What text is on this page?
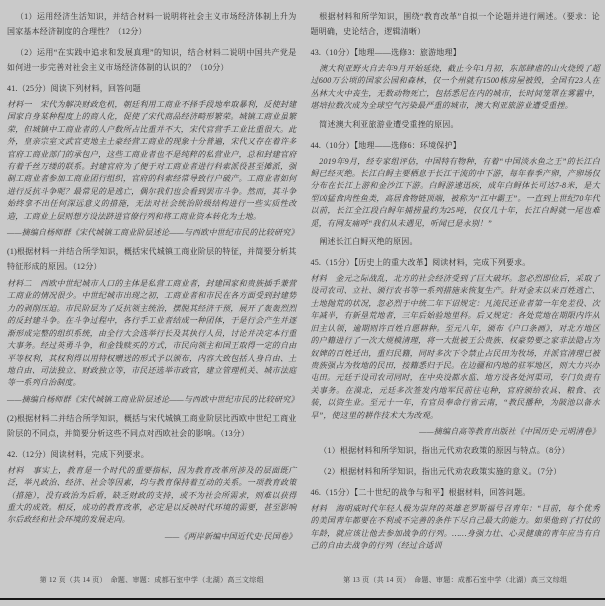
（1）运用经济生活知识，并结合材料一说明将社会主义市场经济体制上升为国家基本经济制度的合理性？（12分）

（2）运用“在实践中追求和发展真理”的知识，结合材料二说明中国共产党是如何进一步完善对社会主义市场经济体制的认识的？（10分）

41.（25分）阅读下列材料，回答问题

材料一　宋代为解决财政危机，朝廷利用工商业不择手段地牟取暴利，反使封建国家自身某种程度上的商人化，促使了宋代商品经济畸形繁荣。城镇工商业虽繁荣，但城镇中工商业者的人户数所占比重并不大，宋代官营手工业比重很大。此外，皇亲宗室文武官吏地主土豪经营工商业的现象十分普遍，宋代又存在着许多官府工商业部门的承包户，这些工商业者也不是纯粹的私营业户，总和封建官府有着千丝万缕的联系。封建官府为了便于对工商业者进行科索派役甚至摊派，强制工商业者参加工商业团行组织，官府的科索经常导致行户破产。工商业者如何进行反抗斗争呢？最常见的是逃亡，偶尔我们也会看到罢市斗争。然而，其斗争始终拿不出任何深远意义的措施，无法对社会统治阶级结构进行一些实质性改造，工商业上层则想方设法跻进官僚行列和将工商业资本转化为土地。

——摘编自杨师群《宋代城镇工商业阶层述论——与西欧中世纪市民的比较研究》

(1)根据材料一并结合所学知识，概括宋代城镇工商业阶层的特征，并简要分析其特征形成的原因。（12分）

材料二　西欧中世纪城市人口的主体是私营工商业者，封建国家和贵族插手兼营工商业的情况很少。中世纪城市出现之初，工商业者和市民在各方面受到封建势力的剥削压迫。市民阶层为了反抗领主统治，摆脱其经济干预，展开了轰轰烈烈的反封建斗争。在斗争过程中，各行手工业者结成一种团体，于是行会产生并逐渐形成完整的组织系统，由全行大会选举行长及其执行人员，讨论并决定本行重大事务。经过英勇斗争，和金钱赎买的方式，市民向领主和国王取得一定的自由平等权利，其权利得以用特权赠送的形式予以颁布，内容大致包括人身自由、土地自由、司法独立、财政独立等，市民还选举市政官，建立管理机关、城市法庭等一系列自治制度。

——摘编自杨师群《宋代城镇工商业阶层述论——与西欧中世纪市民的比较研究》

(2)根据材料二并结合所学知识，概括与宋代城镇工商业阶层比西欧中世纪工商业阶层的不同点，并简要分析这些不同点对西欧社会的影响。（13分）

42.（12分）阅读材料，完成下列要求。

材料　事实上，教育是一个时代的重要指标，因为教育改革所涉及的层面既广泛，举凡政治、经济、社会等因素，均与教育保持着互动的关系。一项教育政策（措施），没有政治为后盾，缺乏财政的支持，或不为社会所需求，则难以获得重大的成效。相反，成功的教育改革，必定是以反映时代环境的需要，甚至影响尔后政经和社会环境的发展走向。

——《两岸新编中国近代史·民国卷》

第 12 页（共 14 页）　命题、审题：成都石室中学（北湖）高三文综组

根据材料和所学知识，围绕“教育改革”自拟一个论题并进行阐述。（要求：论题明确，史论结合，逻辑清晰）

43.（10分）【地理——选修3：旅游地理】

澳大利亚野火自去年9月开始延烧，截止今年1月初，东部肆虐的山火烧毁了超过600万公顷的国家公园和森林，仅一个州就有1500栋房屋被毁，全国有23人在丛林大火中丧生，无数动物死亡，包括悉尼在内的城市，长时间笼罩在雾霾中，堪培拉数次成为全球空气污染最严重的城市，澳大利亚旅游业遭受重挫。

简述澳大利亚旅游业遭受重挫的原因。

44.（10分）【地理——选修6：环境保护】

2019年9月，经专家组评估，中国特有物种，有着“中国淡水鱼之王”的长江白鲟已经灭绝。长江白鲟主要栖息于长江干流的中下游，每年春季产卵，产卵场仅分布在长江上游和金沙江下游。白鲟游速迅疾，成年白鲟体长可达7-8米，是大型凶猛食肉性鱼类，高居食物链顶端，被称为“江中霸王”。一直到上世纪70年代以前，长江全江段白鲟年捕捞量约为25吨，仅仅几十年，长江白鲟就一尾也难觅，有网友痛呼“我们从未遇见，听闻已是永别！”

阐述长江白鲟灭绝的原因。

45.（15分）【历史上的重大改革】阅读材料，完成下列要求。

材料　金元之际战乱，北方的社会经济受到了巨大破坏。忽必烈即位后，采取了设司农司、立社、颁行农书等一系列措施来恢复生产。针对金末以来百姓逃亡、土地抛荒的状况，忽必烈于中统二年下诏规定：凡流民还业者第一年免差役、次年减半，有新垦荒地者，三年后始验地里科。后又规定：各处荒地在期限内许从旧主认领，逾期则许百姓自愿耕种。至元八年，颁布《户口条画》，对北方地区的户籍进行了一次大规模清理，将一大批被王公贵族、权豪势要之家非法隐占为奴婢的百姓迁出，重归民籍，同时多次下令禁止占民田为牧场，并派官清理已被贵族强占为牧地的民田，按籍悉归于民。在边疆和内地的驻军地区，则大力兴办屯田。元廷于设司农司同时，在中央设都水监、地方设各处河渠司，专门负责有关事务。在漠北，元廷多次签发内地军民前往屯种，官府颁给农具、粮食、衣装，以资生业。至元十一年，有官员奉命行省云南，“教民播种，为陂池以备水旱”，使这里的耕作技术大为改观。

——摘编自高等教育出版社《中国历史·元明清卷》

（1）根据材料和所学知识，指出元代劝农政策的原因与特点。（8分）

（2）根据材料和所学知识，指出元代劝农政策实施的意义。（7分）

46.（15分）【二十世纪的战争与和平】根据材料，回答问题。

材料　海明威时代年轻人极为崇拜的英雄老罗斯福号召青年：“目前，每个优秀的美国青年都要在不利或不完善的条件下尽自己最大的能力。如果他到了打仗的年龄，就应该让他去参加战争的行列。……身强力壮、心灵健康的青年应当有自己的自由去战争的行列（经过合适训

第 13 页（共 14 页）　命题、审题：成都石室中学（北湖）高三文综组
